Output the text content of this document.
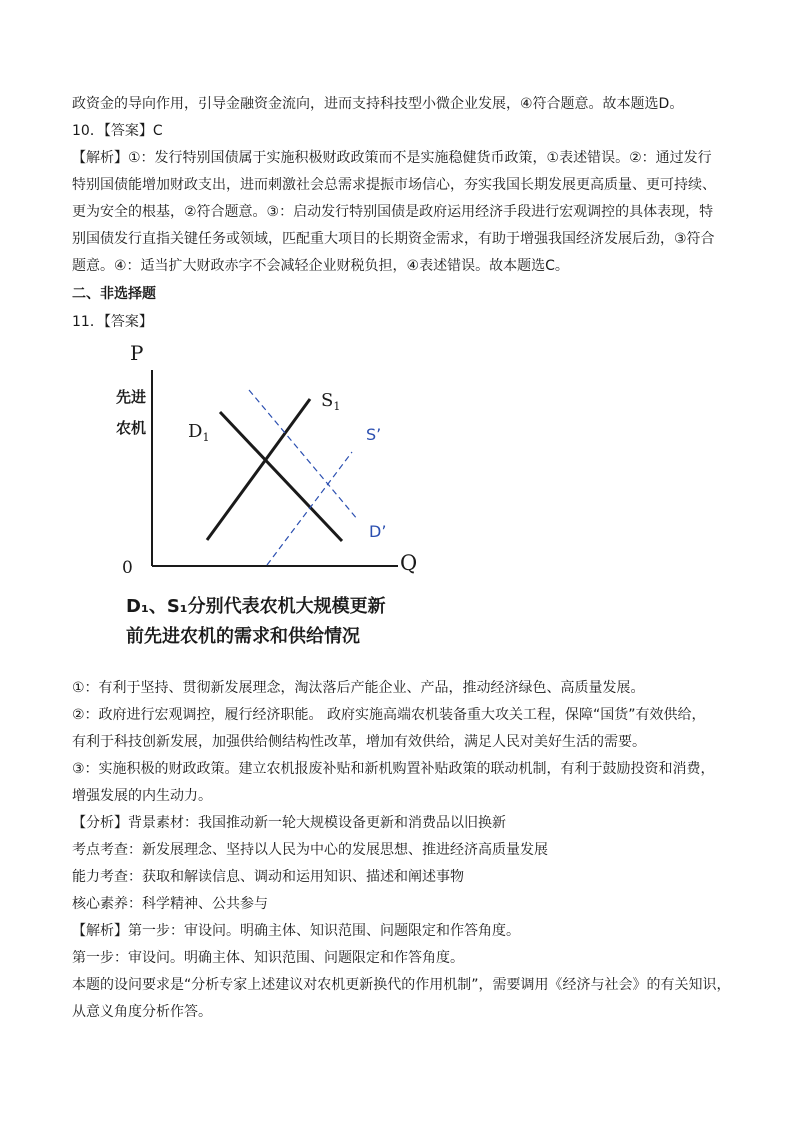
政资金的导向作用，引导金融资金流向，进而支持科技型小微企业发展，④符合题意。故本题选D。
10．【答案】C
【解析】①：发行特别国债属于实施积极财政政策而不是实施稳健货币政策，①表述错误。②：通过发行
特别国债能增加财政支出，进而刺激社会总需求提振市场信心，夯实我国长期发展更高质量、更可持续、
更为安全的根基，②符合题意。③：启动发行特别国债是政府运用经济手段进行宏观调控的具体表现，特
别国债发行直指关键任务或领域，匹配重大项目的长期资金需求，有助于增强我国经济发展后劲，③符合
题意。④：适当扩大财政赤字不会减轻企业财税负担，④表述错误。故本题选C。
二、非选择题
11．【答案】
P
先进
农机
Q
0
$D_1$
$S_1$
S’
D’
D₁、S₁分别代表农机大规模更新
前先进农机的需求和供给情况
①：有利于坚持、贯彻新发展理念，淘汰落后产能企业、产品，推动经济绿色、高质量发展。
②：政府进行宏观调控，履行经济职能。 政府实施高端农机装备重大攻关工程，保障“国货”有效供给，
有利于科技创新发展，加强供给侧结构性改革，增加有效供给，满足人民对美好生活的需要。
③：实施积极的财政政策。建立农机报废补贴和新机购置补贴政策的联动机制，有利于鼓励投资和消费，
增强发展的内生动力。
【分析】背景素材：我国推动新一轮大规模设备更新和消费品以旧换新
考点考查：新发展理念、坚持以人民为中心的发展思想、推进经济高质量发展
能力考查：获取和解读信息、调动和运用知识、描述和阐述事物
核心素养：科学精神、公共参与
【解析】第一步：审设问。明确主体、知识范围、问题限定和作答角度。
第一步：审设问。明确主体、知识范围、问题限定和作答角度。
本题的设问要求是“分析专家上述建议对农机更新换代的作用机制”，需要调用《经济与社会》的有关知识，
从意义角度分析作答。
